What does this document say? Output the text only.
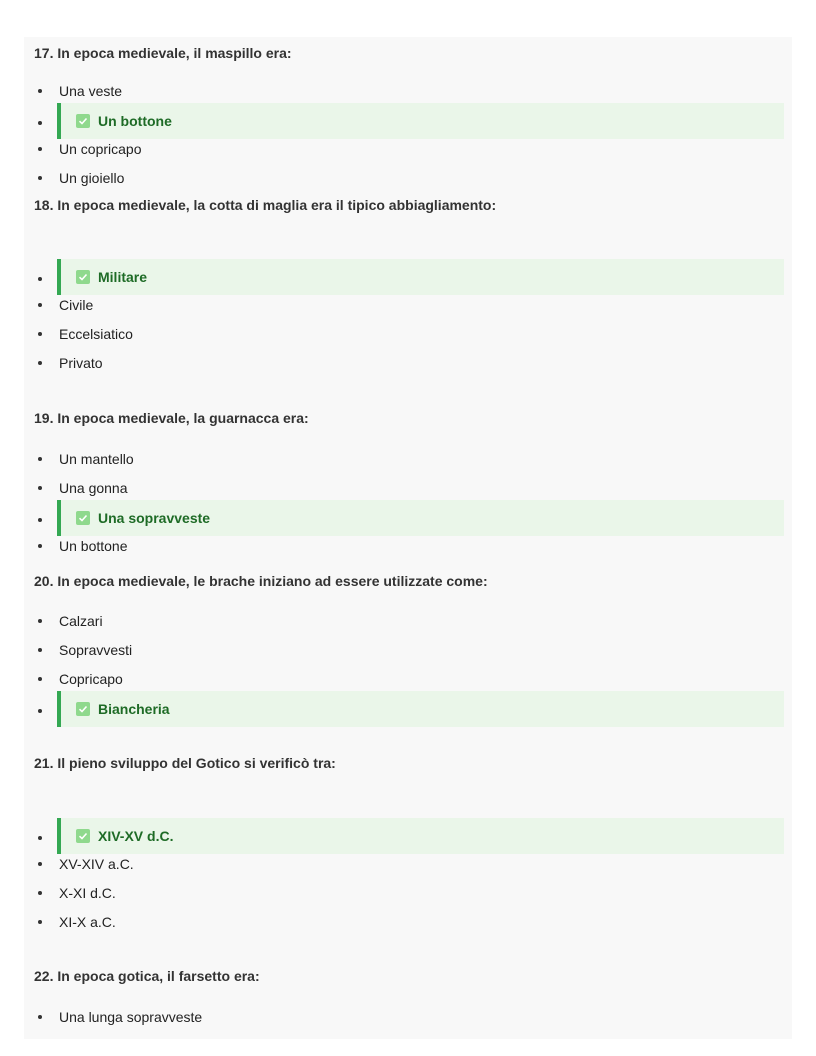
17. In epoca medievale, il maspillo era:

Una veste
Un bottone
Un copricapo
Un gioiello

18. In epoca medievale, la cotta di maglia era il tipico abbiagliamento:

Militare
Civile
Eccelsiatico
Privato

19. In epoca medievale, la guarnacca era:

Un mantello
Una gonna
Una sopravveste
Un bottone

20. In epoca medievale, le brache iniziano ad essere utilizzate come:

Calzari
Sopravvesti
Copricapo
Biancheria

21. Il pieno sviluppo del Gotico si verificò tra:

XIV-XV d.C.
XV-XIV a.C.
X-XI d.C.
XI-X a.C.

22. In epoca gotica, il farsetto era:

Una lunga sopravveste
